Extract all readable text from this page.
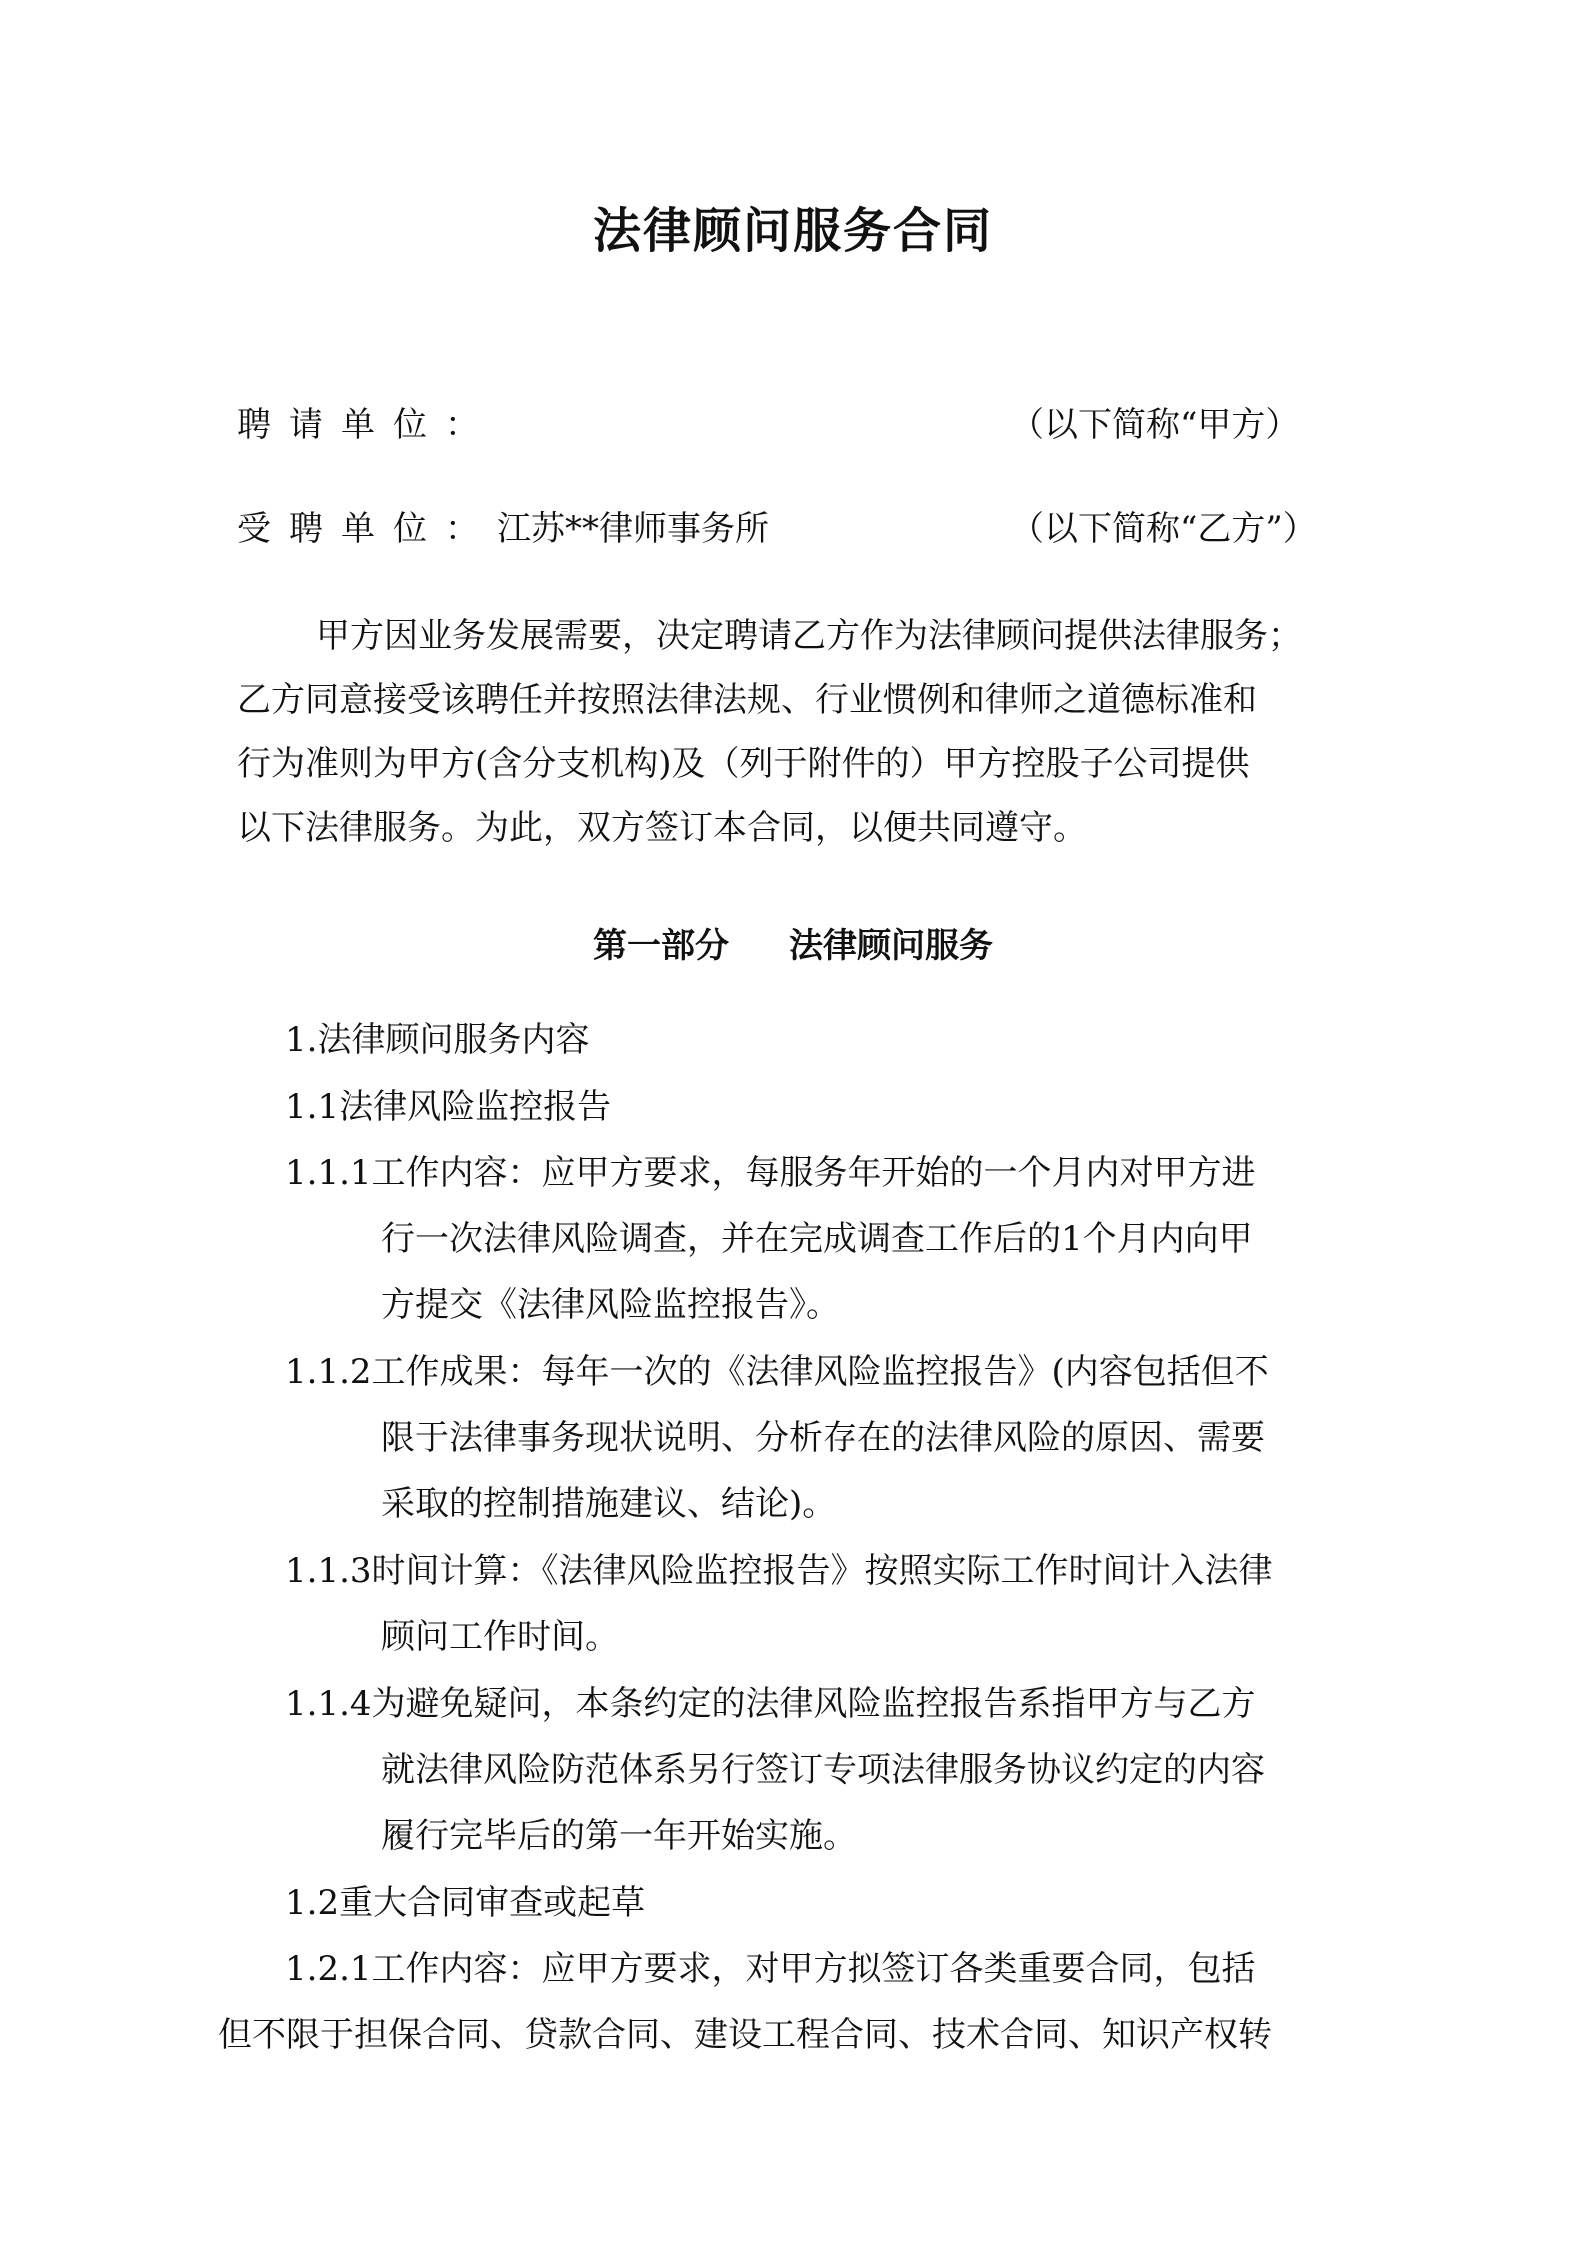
法律顾问服务合同
聘请单位：	（以下简称“甲方）
受聘单位：江苏**律师事务所	（以下简称“乙方”）
甲方因业务发展需要，决定聘请乙方作为法律顾问提供法律服务；
乙方同意接受该聘任并按照法律法规、行业惯例和律师之道德标准和
行为准则为甲方(含分支机构)及（列于附件的）甲方控股子公司提供
以下法律服务。为此，双方签订本合同，以便共同遵守。
第一部分 法律顾问服务
1.法律顾问服务内容
1.1法律风险监控报告
1.1.1工作内容：应甲方要求，每服务年开始的一个月内对甲方进
行一次法律风险调查，并在完成调查工作后的1个月内向甲
方提交《法律风险监控报告》。
1.1.2工作成果：每年一次的《法律风险监控报告》(内容包括但不
限于法律事务现状说明、分析存在的法律风险的原因、需要
采取的控制措施建议、结论)。
1.1.3时间计算：《法律风险监控报告》按照实际工作时间计入法律
顾问工作时间。
1.1.4为避免疑问，本条约定的法律风险监控报告系指甲方与乙方
就法律风险防范体系另行签订专项法律服务协议约定的内容
履行完毕后的第一年开始实施。
1.2重大合同审查或起草
1.2.1工作内容：应甲方要求，对甲方拟签订各类重要合同，包括
但不限于担保合同、贷款合同、建设工程合同、技术合同、知识产权转
